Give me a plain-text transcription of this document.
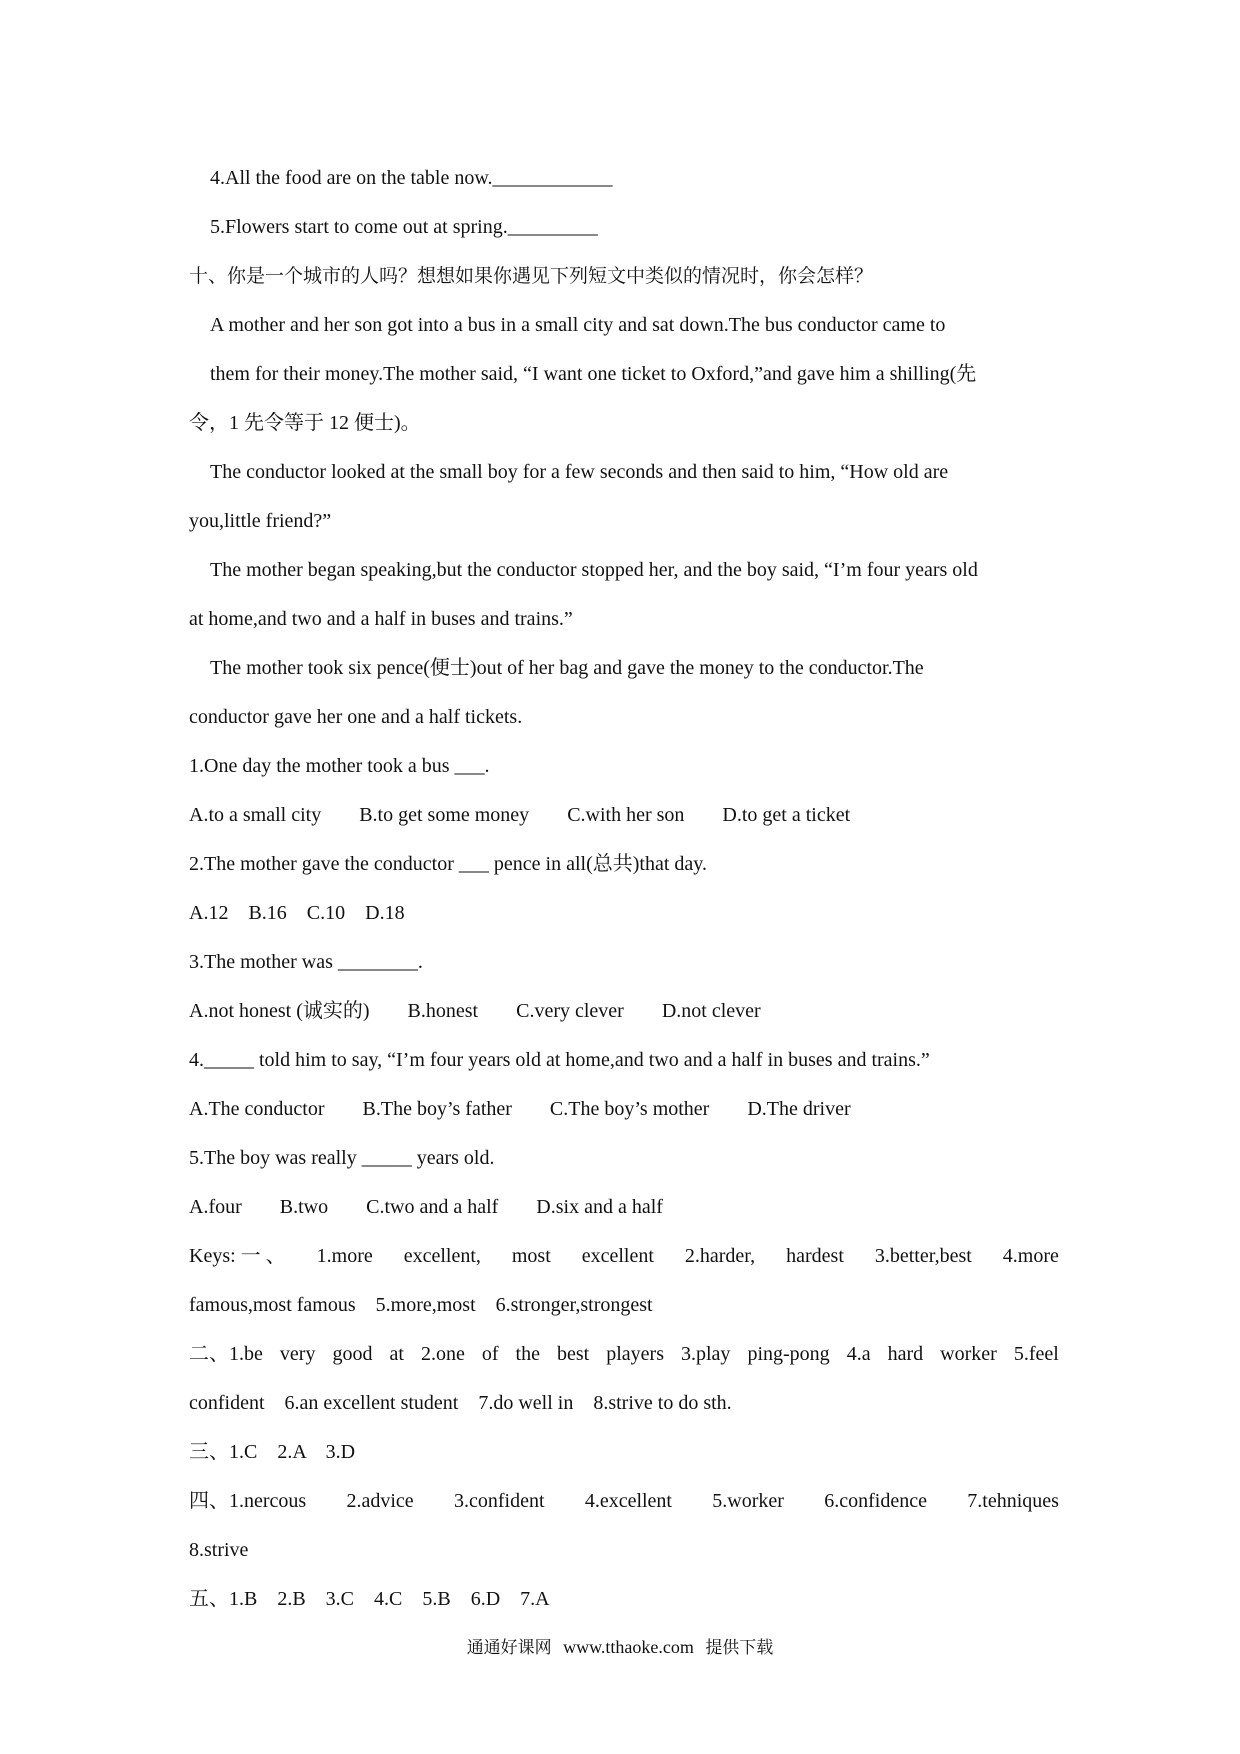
4.All the food are on the table now.____________

5.Flowers start to come out at spring._________

十、你是一个城市的人吗？想想如果你遇见下列短文中类似的情况时，你会怎样？

A mother and her son got into a bus in a small city and sat down.The bus conductor came to
them for their money.The mother said, “I want one ticket to Oxford,”and gave him a shilling(先

令，1 先令等于 12 便士)。

The conductor looked at the small boy for a few seconds and then said to him, “How old are

you,little friend?”

The mother began speaking,but the conductor stopped her, and the boy said, “I’m four years old

at home,and two and a half in buses and trains.”

The mother took six pence(便士)out of her bag and gave the money to the conductor.The

conductor gave her one and a half tickets.

1.One day the mother took a bus ___.

A.to a small city B.to get some money C.with her son D.to get a ticket

2.The mother gave the conductor ___ pence in all(总共)that day.

A.12 B.16 C.10 D.18

3.The mother was ________.

A.not honest (诚实的) B.honest C.very clever D.not clever

4._____ told him to say, “I’m four years old at home,and two and a half in buses and trains.”

A.The conductor B.The boy’s father C.The boy’s mother D.The driver

5.The boy was really _____ years old.

A.four B.two C.two and a half D.six and a half
Keys: 一 、 1.more excellent, most excellent 2.harder, hardest 3.better,best 4.more

famous,most famous    5.more,most    6.stronger,strongest

二、1.be very good at 2.one of the best players 3.play ping-pong 4.a hard worker 5.feel

confident    6.an excellent student    7.do well in    8.strive to do sth.

三、1.C    2.A    3.D

四、1.nercous 2.advice 3.confident 4.excellent 5.worker 6.confidence 7.tehniques

8.strive

五、1.B    2.B    3.C    4.C    5.B    6.D    7.A

通通好课网 www.tthaoke.com 提供下载
